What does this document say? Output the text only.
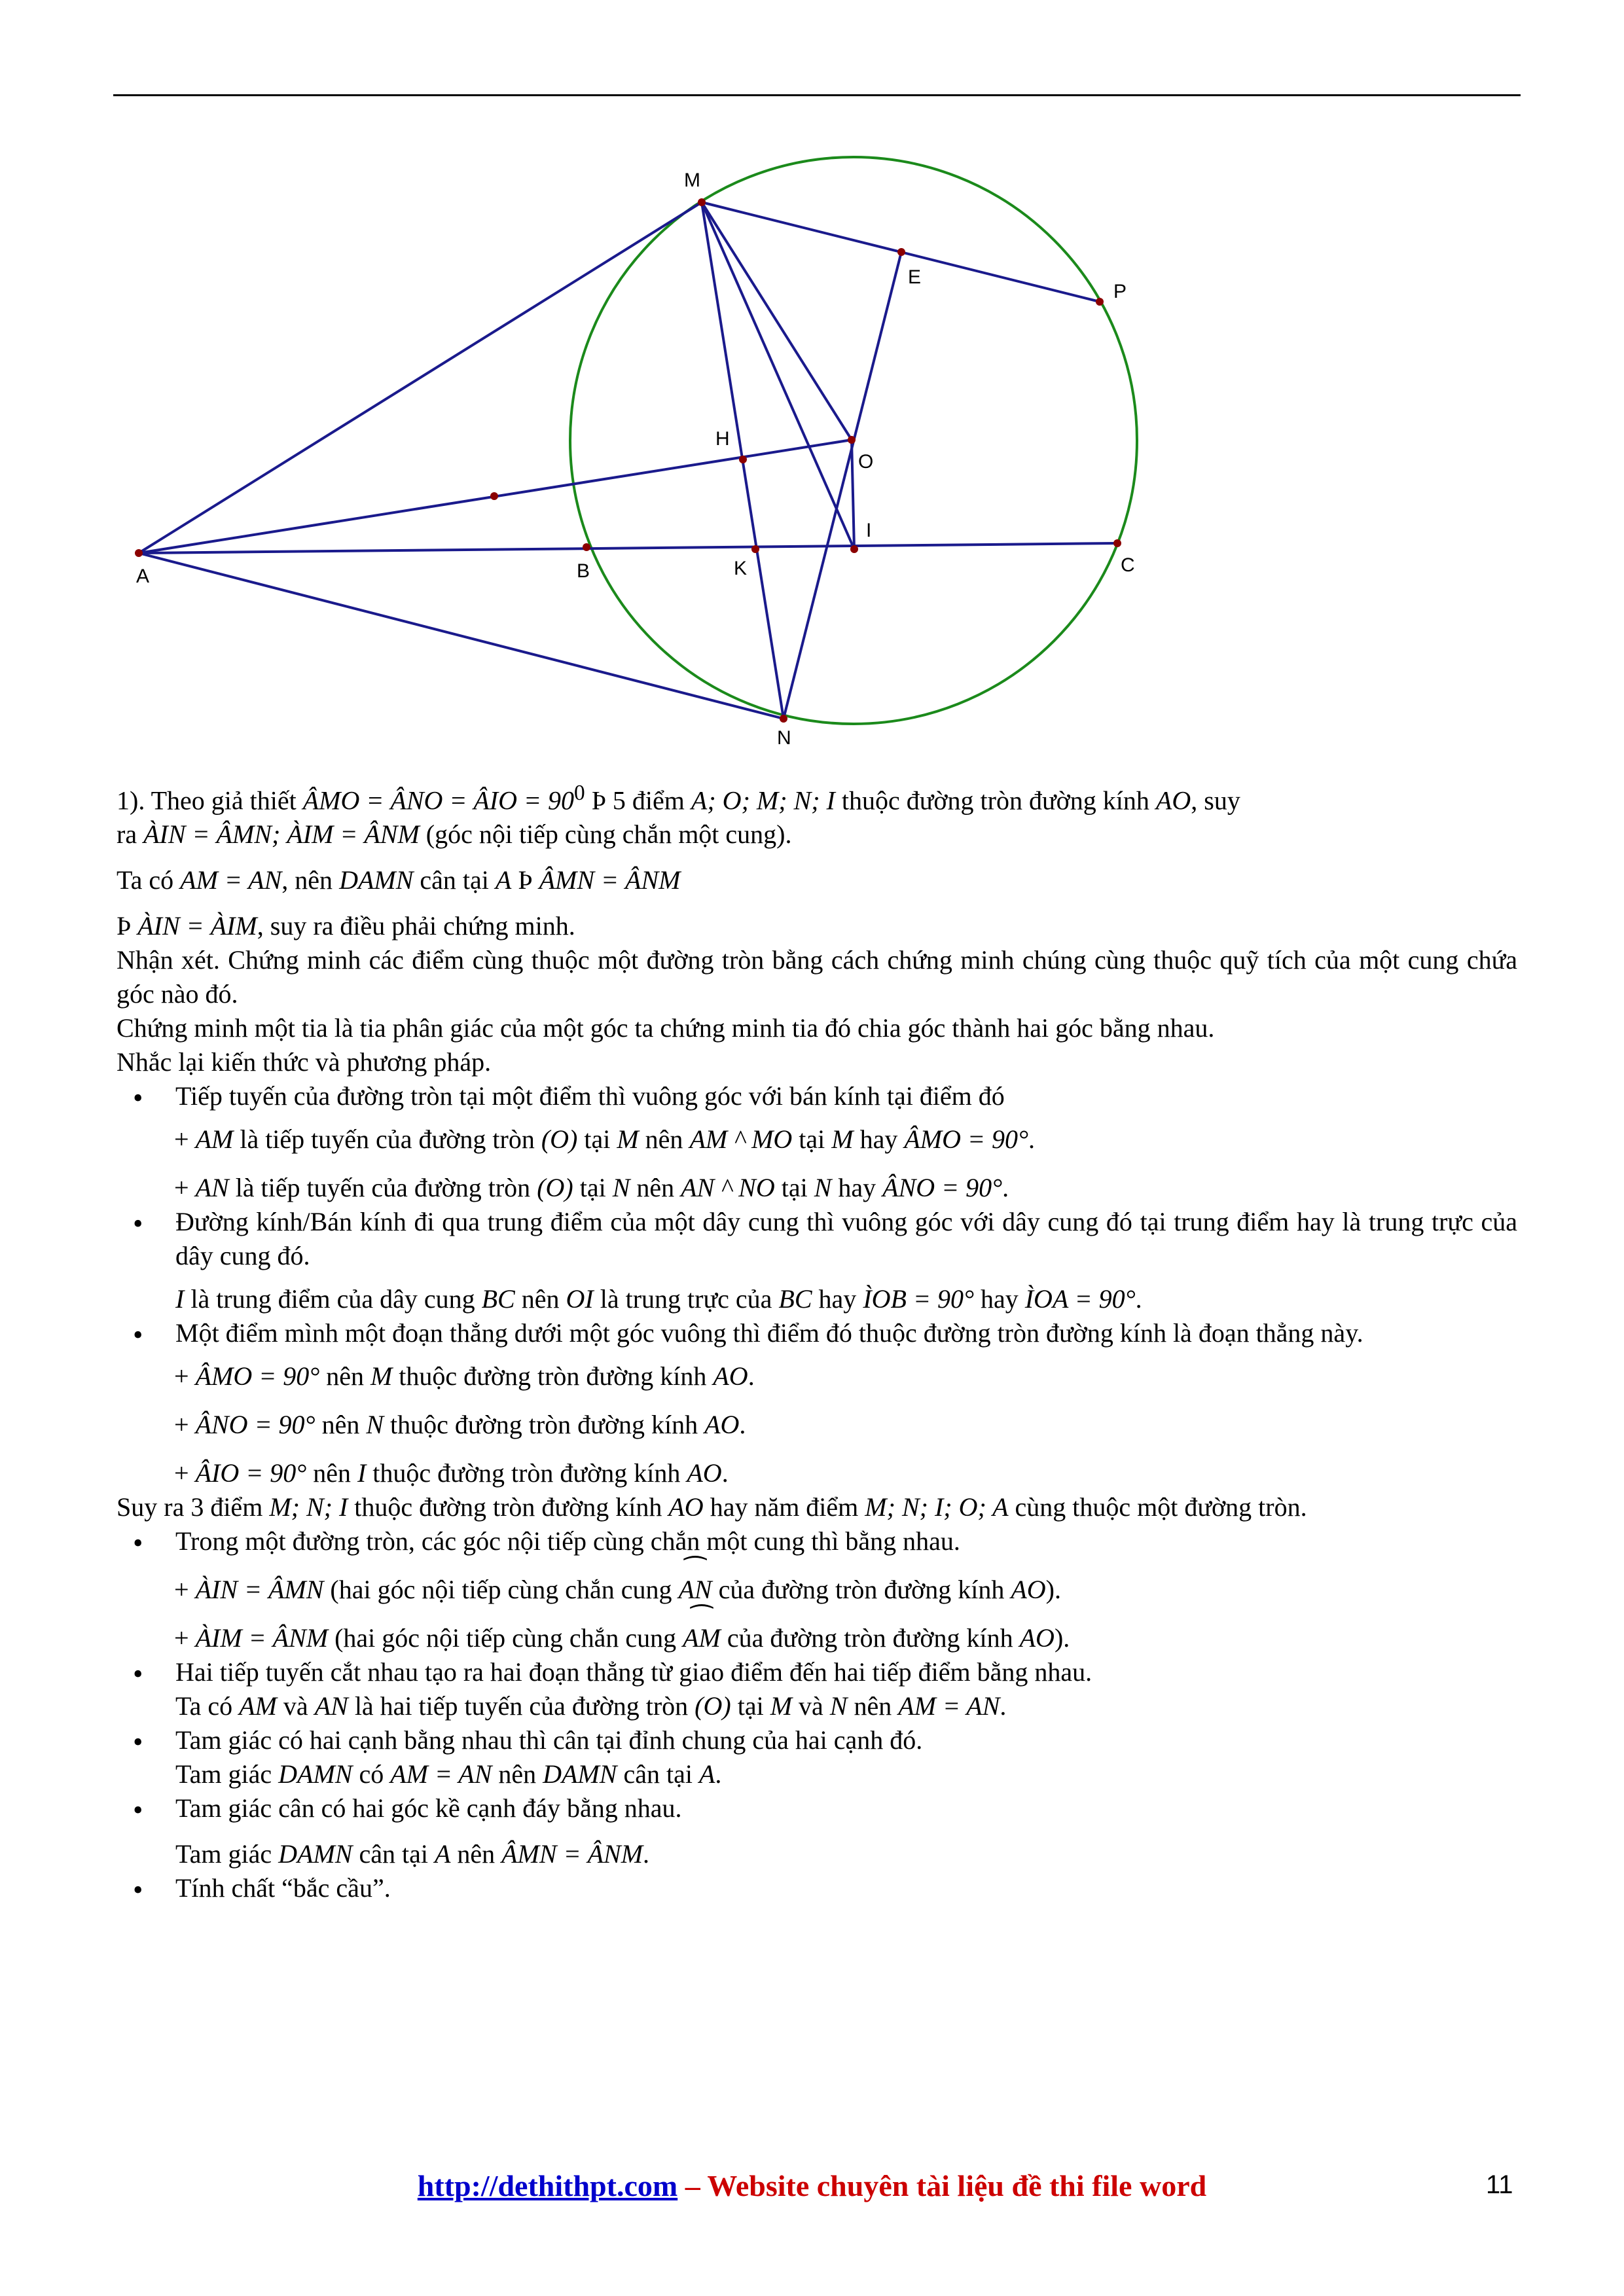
M
E
P
H
O
I
A	B	K	C
N
1). Theo giả thiết ÂMO = ÂNO = ÂIO = $90^0$ Þ 5 điểm A; O; M; N; I thuộc đường tròn đường kính AO, suy
ra ÀIN = ÂMN; ÀIM = ÂNM (góc nội tiếp cùng chắn một cung).
Ta có AM = AN, nên DAMN cân tại A Þ ÂMN = ÂNM
Þ ÀIN = ÀIM, suy ra điều phải chứng minh.
Nhận xét. Chứng minh các điểm cùng thuộc một đường tròn bằng cách chứng minh chúng cùng thuộc quỹ tích của một cung chứa góc nào đó.
Chứng minh một tia là tia phân giác của một góc ta chứng minh tia đó chia góc thành hai góc bằng nhau.
Nhắc lại kiến thức và phương pháp.
• Tiếp tuyến của đường tròn tại một điểm thì vuông góc với bán kính tại điểm đó
+ AM là tiếp tuyến của đường tròn (O) tại M nên AM ^ MO tại M hay ÂMO = 90°.
+ AN là tiếp tuyến của đường tròn (O) tại N nên AN ^ NO tại N hay ÂNO = 90°.
• Đường kính/Bán kính đi qua trung điểm của một dây cung thì vuông góc với dây cung đó tại trung điểm hay là trung trực của dây cung đó.
I là trung điểm của dây cung BC nên OI là trung trực của BC hay ÌOB = 90° hay ÌOA = 90°.
• Một điểm mình một đoạn thẳng dưới một góc vuông thì điểm đó thuộc đường tròn đường kính là đoạn thẳng này.
+ ÂMO = 90° nên M thuộc đường tròn đường kính AO.
+ ÂNO = 90° nên N thuộc đường tròn đường kính AO.
+ ÂIO = 90° nên I thuộc đường tròn đường kính AO.
Suy ra 3 điểm M; N; I thuộc đường tròn đường kính AO hay năm điểm M; N; I; O; A cùng thuộc một đường tròn.
• Trong một đường tròn, các góc nội tiếp cùng chắn một cung thì bằng nhau.
+ ÀIN = ÂMN (hai góc nội tiếp cùng chắn cung ⁀ AN của đường tròn đường kính AO).
+ ÀIM = ÂNM (hai góc nội tiếp cùng chắn cung ⁀ AM của đường tròn đường kính AO).
• Hai tiếp tuyến cắt nhau tạo ra hai đoạn thẳng từ giao điểm đến hai tiếp điểm bằng nhau.
Ta có AM và AN là hai tiếp tuyến của đường tròn (O) tại M và N nên AM = AN.
• Tam giác có hai cạnh bằng nhau thì cân tại đỉnh chung của hai cạnh đó.
Tam giác DAMN có AM = AN nên DAMN cân tại A.
• Tam giác cân có hai góc kề cạnh đáy bằng nhau.
Tam giác DAMN cân tại A nên ÂMN = ÂNM.
• Tính chất “bắc cầu”.
http://dethithpt.com – Website chuyên tài liệu đề thi file word	11
